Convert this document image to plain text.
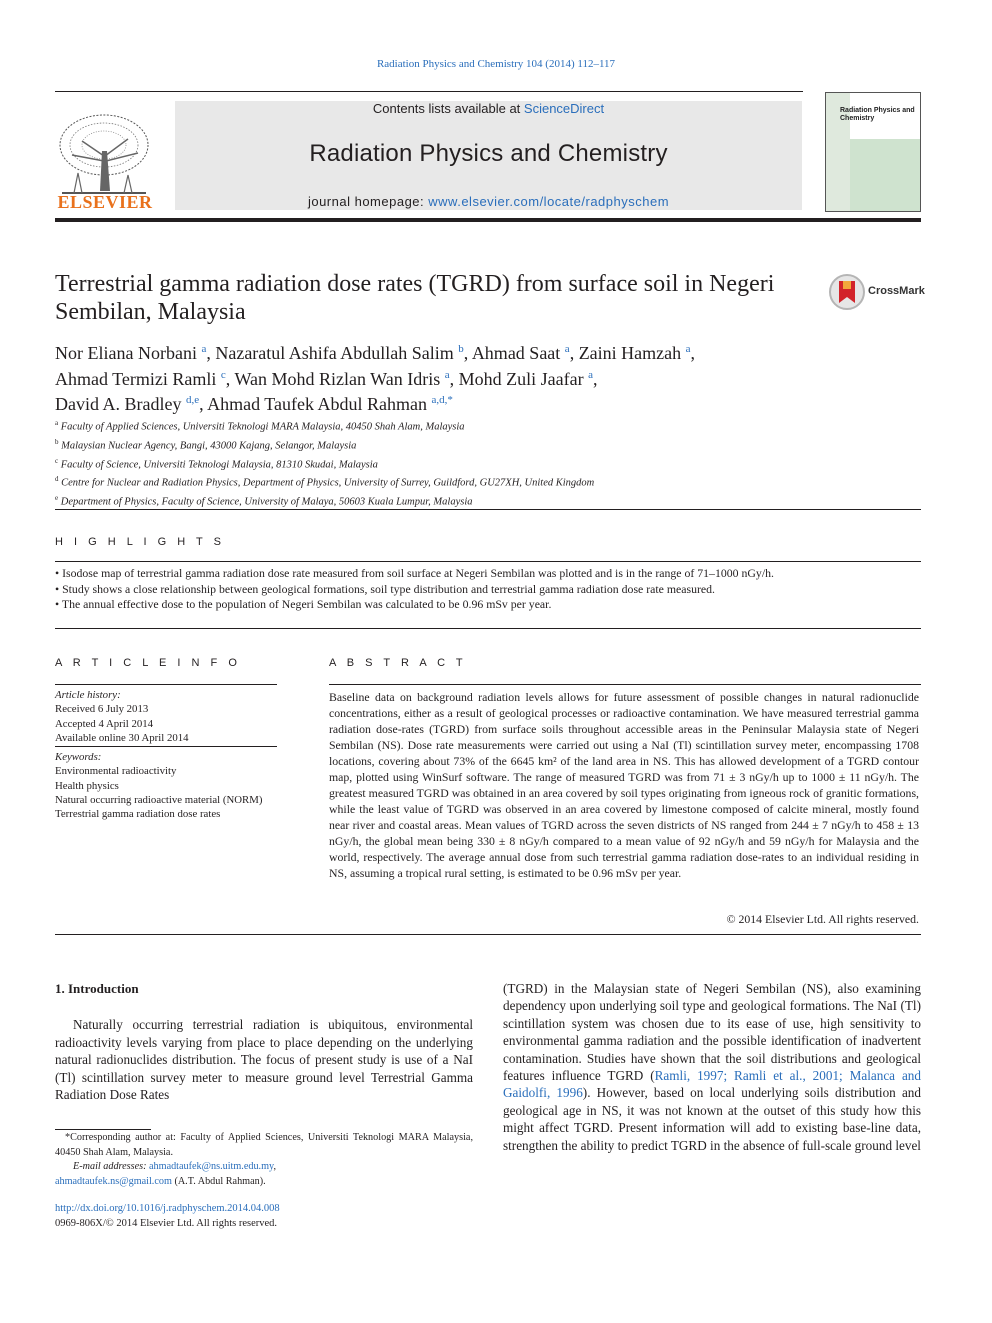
Radiation Physics and Chemistry 104 (2014) 112–117
ELSEVIER
Contents lists available at ScienceDirect
Radiation Physics and Chemistry
journal homepage: www.elsevier.com/locate/radphyschem
Radiation Physics and Chemistry
Terrestrial gamma radiation dose rates (TGRD) from surface soil in Negeri Sembilan, Malaysia
CrossMark
Nor Eliana Norbani $^a$, Nazaratul Ashifa Abdullah Salim $^b$, Ahmad Saat $^a$, Zaini Hamzah $^a$,
Ahmad Termizi Ramli $^c$, Wan Mohd Rizlan Wan Idris $^a$, Mohd Zuli Jaafar $^a$,
David A. Bradley $^{d,e}$, Ahmad Taufek Abdul Rahman $^{a,d,*}$
$^a$ Faculty of Applied Sciences, Universiti Teknologi MARA Malaysia, 40450 Shah Alam, Malaysia
$^b$ Malaysian Nuclear Agency, Bangi, 43000 Kajang, Selangor, Malaysia
$^c$ Faculty of Science, Universiti Teknologi Malaysia, 81310 Skudai, Malaysia
$^d$ Centre for Nuclear and Radiation Physics, Department of Physics, University of Surrey, Guildford, GU27XH, United Kingdom
$^e$ Department of Physics, Faculty of Science, University of Malaya, 50603 Kuala Lumpur, Malaysia
H I G H L I G H T S
• Isodose map of terrestrial gamma radiation dose rate measured from soil surface at Negeri Sembilan was plotted and is in the range of 71–1000 nGy/h.
• Study shows a close relationship between geological formations, soil type distribution and terrestrial gamma radiation dose rate measured.
• The annual effective dose to the population of Negeri Sembilan was calculated to be 0.96 mSv per year.
A R T I C L E I N F O
Article history:
Received 6 July 2013
Accepted 4 April 2014
Available online 30 April 2014
Keywords:
Environmental radioactivity
Health physics
Natural occurring radioactive material (NORM)
Terrestrial gamma radiation dose rates
A B S T R A C T
Baseline data on background radiation levels allows for future assessment of possible changes in natural radionuclide concentrations, either as a result of geological processes or radioactive contamination. We have measured terrestrial gamma radiation dose-rates (TGRD) from surface soils throughout accessible areas in the Peninsular Malaysia state of Negeri Sembilan (NS). Dose rate measurements were carried out using a NaI (Tl) scintillation survey meter, encompassing 1708 locations, covering about 73% of the 6645 km² of the land area in NS. This has allowed development of a TGRD contour map, plotted using WinSurf software. The range of measured TGRD was from 71 ± 3 nGy/h up to 1000 ± 11 nGy/h. The greatest measured TGRD was obtained in an area covered by soil types originating from igneous rock of granitic formations, while the least value of TGRD was observed in an area covered by limestone composed of calcite mineral, mostly found near river and coastal areas. Mean values of TGRD across the seven districts of NS ranged from 244 ± 7 nGy/h to 458 ± 13 nGy/h, the global mean being 330 ± 8 nGy/h compared to a mean value of 92 nGy/h and 59 nGy/h for Malaysia and the world, respectively. The average annual dose from such terrestrial gamma radiation dose-rates to an individual residing in NS, assuming a tropical rural setting, is estimated to be 0.96 mSv per year.
© 2014 Elsevier Ltd. All rights reserved.
1. Introduction
Naturally occurring terrestrial radiation is ubiquitous, environmental radioactivity levels varying from place to place depending on the underlying natural radionuclides distribution. The focus of present study is use of a NaI (Tl) scintillation survey meter to measure ground level Terrestrial Gamma Radiation Dose Rates
(TGRD) in the Malaysian state of Negeri Sembilan (NS), also examining dependency upon underlying soil type and geological formations. The NaI (Tl) scintillation system was chosen due to its ease of use, high sensitivity to environmental gamma radiation and the possible identification of inadvertent contamination. Studies have shown that the soil distributions and geological features influence TGRD (Ramli, 1997; Ramli et al., 2001; Malanca and Gaidolfi, 1996). However, based on local underlying soils distribution and geological age in NS, it was not known at the outset of this study how this might affect TGRD. Present information will add to existing base-line data, strengthen the ability to predict TGRD in the absence of full-scale ground level
*Corresponding author at: Faculty of Applied Sciences, Universiti Teknologi MARA Malaysia, 40450 Shah Alam, Malaysia.
E-mail addresses: ahmadtaufek@ns.uitm.edu.my,
ahmadtaufek.ns@gmail.com (A.T. Abdul Rahman).
http://dx.doi.org/10.1016/j.radphyschem.2014.04.008
0969-806X/© 2014 Elsevier Ltd. All rights reserved.
